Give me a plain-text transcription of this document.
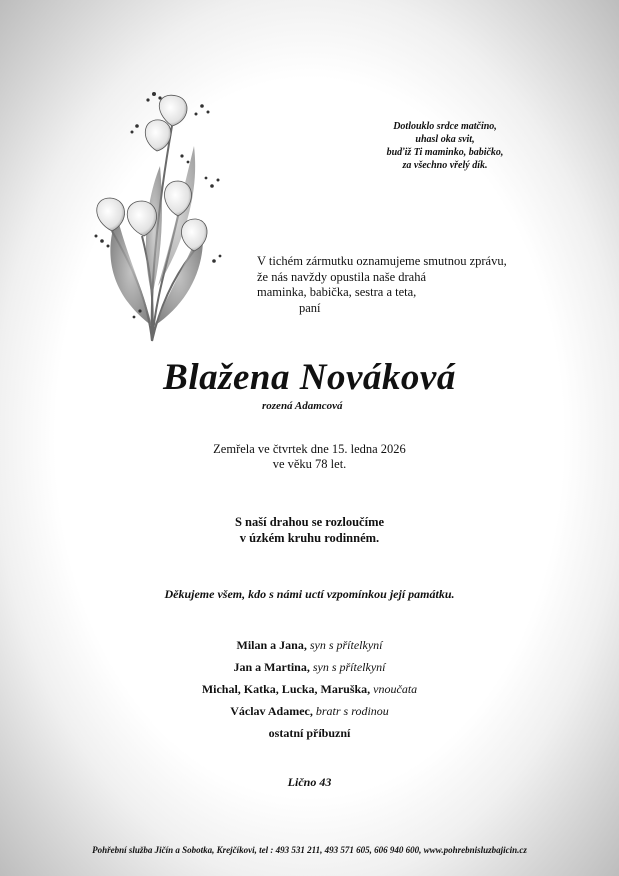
Dotlouklo srdce matčino,
uhasl oka svit,
buďiž Ti maminko, babičko,
za všechno vřelý dík.
V tichém zármutku oznamujeme smutnou zprávu,
že nás navždy opustila naše drahá
maminka, babička, sestra a teta,
paní
Blažena Nováková
rozená Adamcová
Zemřela ve čtvrtek dne 15. ledna 2026
ve věku 78 let.
S naší drahou se rozloučíme
v úzkém kruhu rodinném.
Děkujeme všem, kdo s námi uctí vzpomínkou její památku.
Milan a Jana, syn s přítelkyní
Jan a Martina, syn s přítelkyní
Michal, Katka, Lucka, Maruška, vnoučata
Václav Adamec, bratr s rodinou
ostatní příbuzní
Lično 43
Pohřební služba Jičín a Sobotka, Krejčíkovi, tel : 493 531 211, 493 571 605, 606 940 600, www.pohrebnisluzbajicin.cz
